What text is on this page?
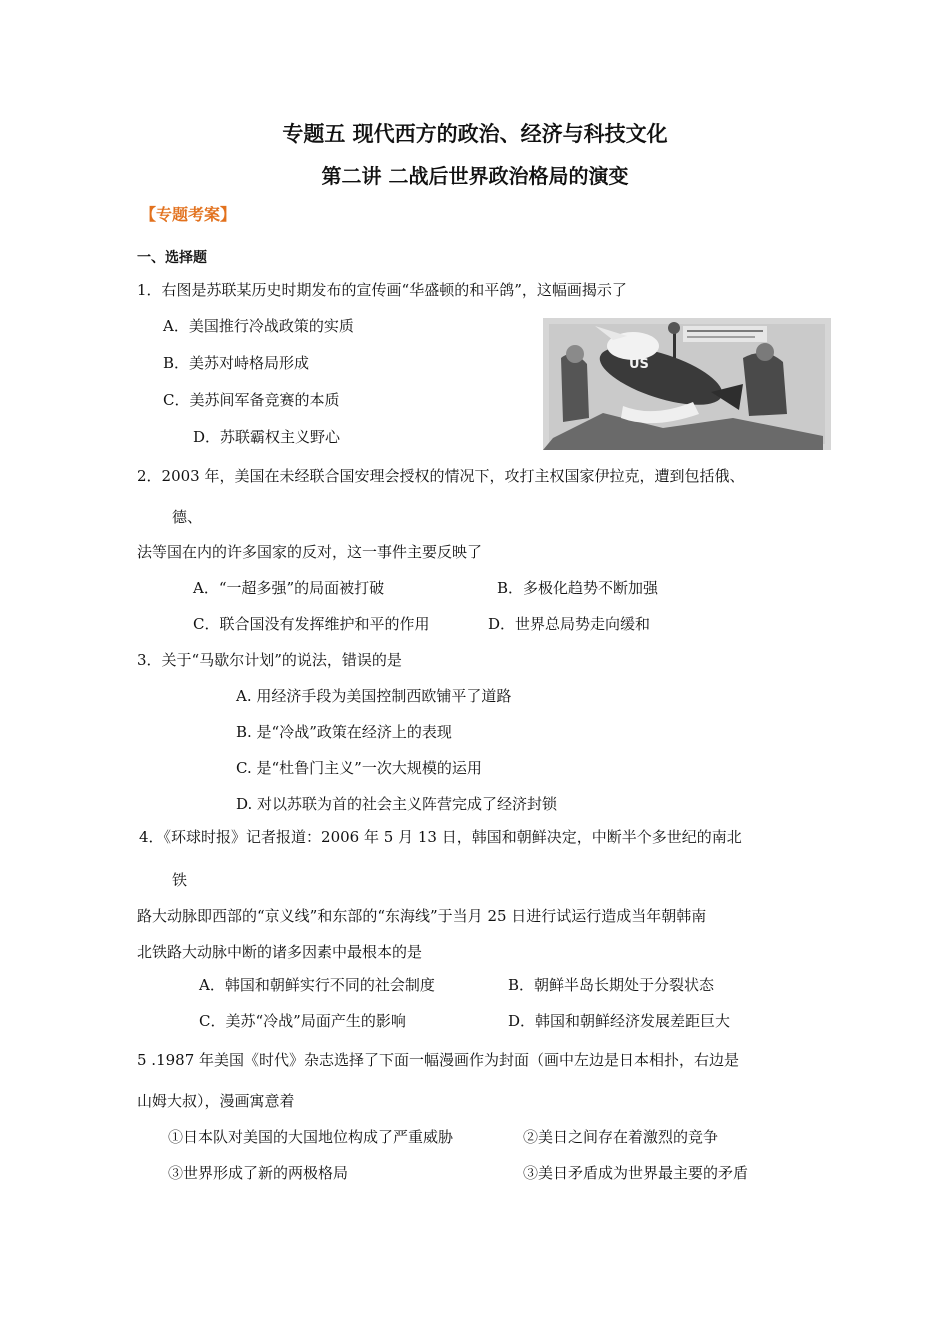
专题五 现代西方的政治、经济与科技文化
第二讲 二战后世界政治格局的演变
【专题考案】
一、选择题
1．右图是苏联某历史时期发布的宣传画“华盛顿的和平鸽”，这幅画揭示了
A．美国推行冷战政策的实质
B．美苏对峙格局形成
C．美苏间军备竞赛的本质
D．苏联霸权主义野心
US
2．2003 年，美国在未经联合国安理会授权的情况下，攻打主权国家伊拉克，遭到包括俄、
德、
法等国在内的许多国家的反对，这一事件主要反映了
A．“一超多强”的局面被打破	B．多极化趋势不断加强
C．联合国没有发挥维护和平的作用	D．世界总局势走向缓和
3．关于“马歇尔计划”的说法，错误的是
A. 用经济手段为美国控制西欧铺平了道路
B. 是“冷战”政策在经济上的表现
C. 是“杜鲁门主义”一次大规模的运用
D. 对以苏联为首的社会主义阵营完成了经济封锁
4．《环球时报》记者报道：2006 年 5 月 13 日，韩国和朝鲜决定，中断半个多世纪的南北
铁
路大动脉即西部的“京义线”和东部的“东海线”于当月 25 日进行试运行造成当年朝韩南
北铁路大动脉中断的诸多因素中最根本的是
A．韩国和朝鲜实行不同的社会制度	B．朝鲜半岛长期处于分裂状态
C．美苏“冷战”局面产生的影响	D．韩国和朝鲜经济发展差距巨大
5 .1987 年美国《时代》杂志选择了下面一幅漫画作为封面（画中左边是日本相扑，右边是
山姆大叔），漫画寓意着
①日本队对美国的大国地位构成了严重威胁	②美日之间存在着激烈的竞争
③世界形成了新的两极格局	③美日矛盾成为世界最主要的矛盾
